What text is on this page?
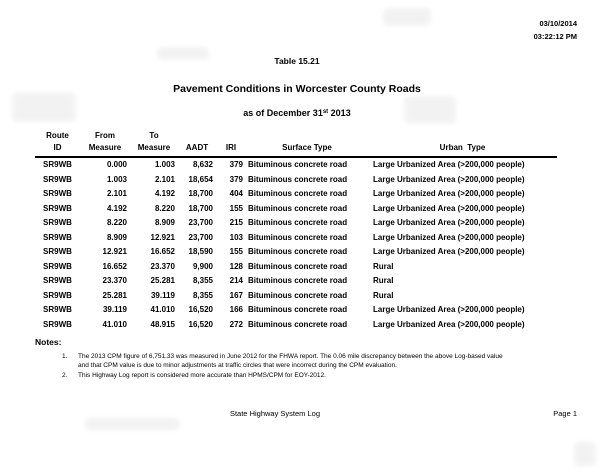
03/10/2014
03:22:12 PM
Table 15.21
Pavement Conditions in Worcester County Roads
as of December 31st 2013
Route
ID	From
Measure	To
Measure	AADT	IRI	Surface Type	Urban  Type

SR9WB	0.000	1.003	8,632	379	Bituminous concrete road	Large Urbanized Area (>200,000 people)
SR9WB	1.003	2.101	18,654	379	Bituminous concrete road	Large Urbanized Area (>200,000 people)
SR9WB	2.101	4.192	18,700	404	Bituminous concrete road	Large Urbanized Area (>200,000 people)
SR9WB	4.192	8.220	18,700	155	Bituminous concrete road	Large Urbanized Area (>200,000 people)
SR9WB	8.220	8.909	23,700	215	Bituminous concrete road	Large Urbanized Area (>200,000 people)
SR9WB	8.909	12.921	23,700	103	Bituminous concrete road	Large Urbanized Area (>200,000 people)
SR9WB	12.921	16.652	18,590	155	Bituminous concrete road	Large Urbanized Area (>200,000 people)
SR9WB	16.652	23.370	9,900	128	Bituminous concrete road	Rural
SR9WB	23.370	25.281	8,355	214	Bituminous concrete road	Rural
SR9WB	25.281	39.119	8,355	167	Bituminous concrete road	Rural
SR9WB	39.119	41.010	16,520	166	Bituminous concrete road	Large Urbanized Area (>200,000 people)
SR9WB	41.010	48.915	16,520	272	Bituminous concrete road	Large Urbanized Area (>200,000 people)
Notes:
1.	The 2013 CPM figure of 6,751.33 was measured in June 2012 for the FHWA report. The 0.06 mile discrepancy between the above Log-based value and that CPM value is due to minor adjustments at traffic circles that were incorrect during the CPM evaluation.
2.	This Highway Log report is considered more accurate than HPMS/CPM for EOY-2012.
State Highway System Log	Page 1
